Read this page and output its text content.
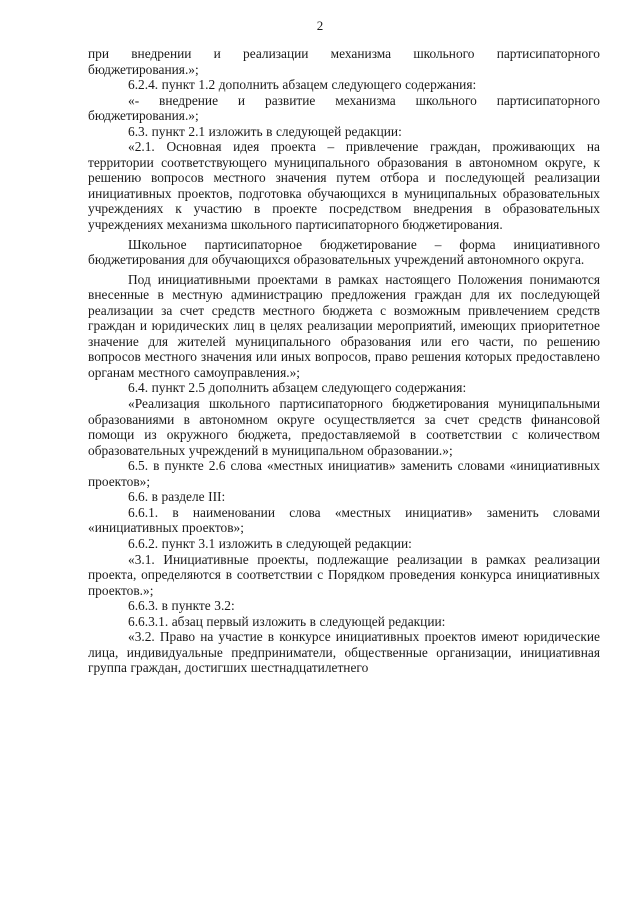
2

при внедрении и реализации механизма школьного партисипаторного бюджетирования.»;

6.2.4. пункт 1.2 дополнить абзацем следующего содержания:

«- внедрение и развитие механизма школьного партисипаторного бюджетирования.»;

6.3. пункт 2.1 изложить в следующей редакции:

«2.1. Основная идея проекта – привлечение граждан, проживающих на территории соответствующего муниципального образования в автономном округе, к решению вопросов местного значения путем отбора и последующей реализации инициативных проектов, подготовка обучающихся в муниципальных образовательных учреждениях к участию в проекте посредством внедрения в образовательных учреждениях механизма школьного партисипаторного бюджетирования.

Школьное партисипаторное бюджетирование – форма инициативного бюджетирования для обучающихся образовательных учреждений автономного округа.

Под инициативными проектами в рамках настоящего Положения понимаются внесенные в местную администрацию предложения граждан для их последующей реализации за счет средств местного бюджета с возможным привлечением средств граждан и юридических лиц в целях реализации мероприятий, имеющих приоритетное значение для жителей муниципального образования или его части, по решению вопросов местного значения или иных вопросов, право решения которых предоставлено органам местного самоуправления.»;

6.4. пункт 2.5 дополнить абзацем следующего содержания:

«Реализация школьного партисипаторного бюджетирования муниципальными образованиями в автономном округе осуществляется за счет средств финансовой помощи из окружного бюджета, предоставляемой в соответствии с количеством образовательных учреждений в муниципальном образовании.»;

6.5. в пункте 2.6 слова «местных инициатив» заменить словами «инициативных проектов»;

6.6. в разделе III:

6.6.1. в наименовании слова «местных инициатив» заменить словами «инициативных проектов»;

6.6.2. пункт 3.1 изложить в следующей редакции:

«3.1. Инициативные проекты, подлежащие реализации в рамках реализации проекта, определяются в соответствии с Порядком проведения конкурса инициативных проектов.»;

6.6.3. в пункте 3.2:

6.6.3.1. абзац первый изложить в следующей редакции:

«3.2. Право на участие в конкурсе инициативных проектов имеют юридические лица, индивидуальные предприниматели, общественные организации, инициативная группа граждан, достигших шестнадцатилетнего
